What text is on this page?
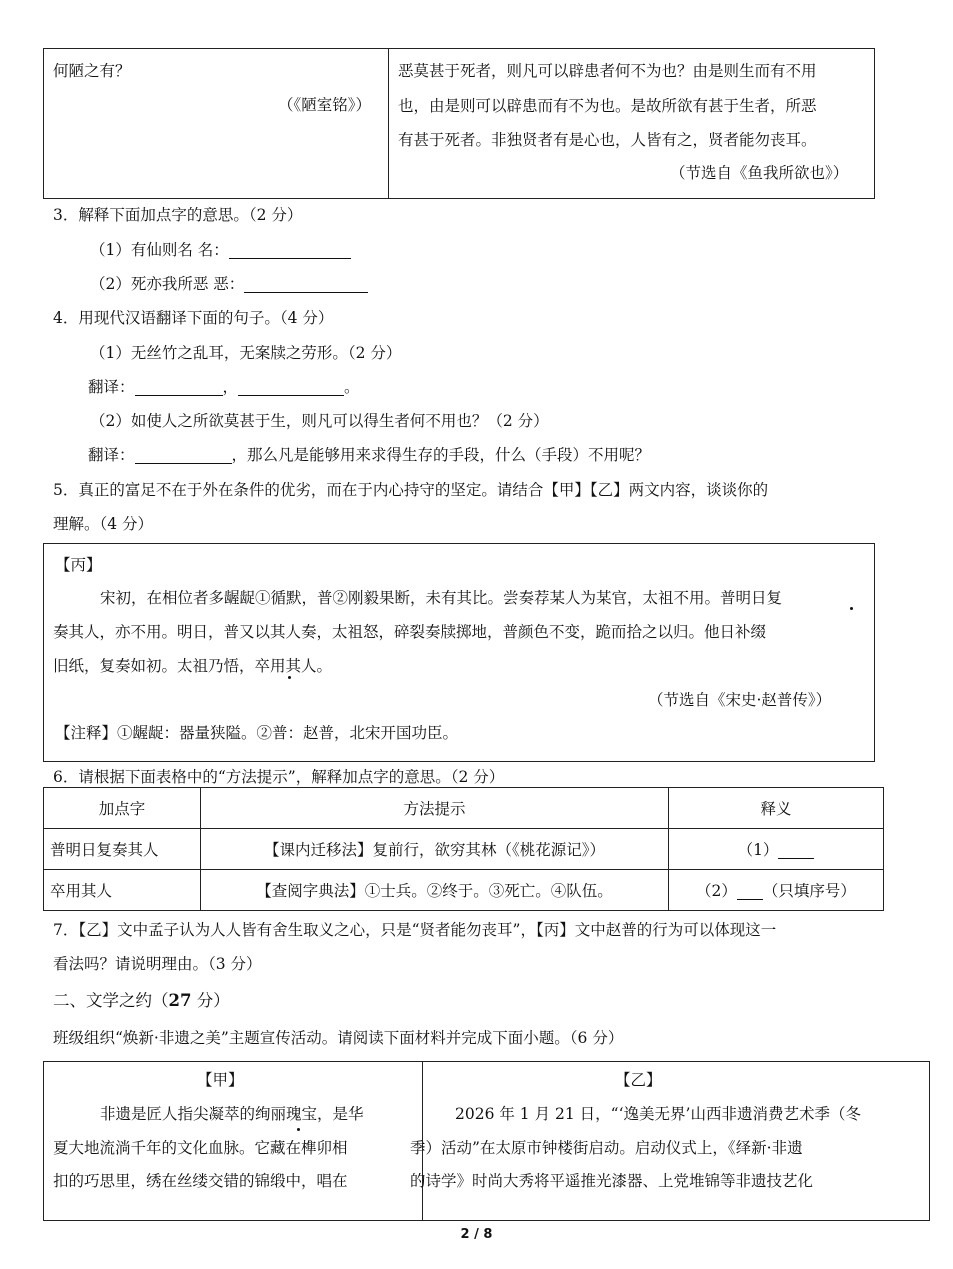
何陋之有？
（《陋室铭》）
恶莫甚于死者，则凡可以辟患者何不为也？由是则生而有不用
也，由是则可以辟患而有不为也。是故所欲有甚于生者，所恶
有甚于死者。非独贤者有是心也，人皆有之，贤者能勿丧耳。
（节选自《鱼我所欲也》）
3．解释下面加点字的意思。（2 分）
（1）有仙则名 名：
（2）死亦我所恶 恶：
4．用现代汉语翻译下面的句子。（4 分）
（1）无丝竹之乱耳，无案牍之劳形。（2 分）
翻译：	，	。
（2）如使人之所欲莫甚于生，则凡可以得生者何不用也？（2 分）
翻译：	，那么凡是能够用来求得生存的手段，什么（手段）不用呢？
5．真正的富足不在于外在条件的优劣，而在于内心持守的坚定。请结合【甲】【乙】两文内容，谈谈你的
理解。（4 分）
【丙】
宋初，在相位者多龌龊①循默，普②刚毅果断，未有其比。尝奏荐某人为某官，太祖不用。普明日复
奏其人，亦不用。明日，普又以其人奏，太祖怒，碎裂奏牍掷地，普颜色不变，跪而拾之以归。他日补缀
旧纸，复奏如初。太祖乃悟，卒用其人。
（节选自《宋史·赵普传》）
【注释】①龌龊：器量狭隘。②普：赵普，北宋开国功臣。
6．请根据下面表格中的“方法提示”，解释加点字的意思。（2 分）
加点字	方法提示	释义
普明日复奏其人	【课内迁移法】复前行，欲穷其林（《桃花源记》）	（1）
卒用其人	【查阅字典法】①士兵。②终于。③死亡。④队伍。	（2） （只填序号）
7．【乙】文中孟子认为人人皆有舍生取义之心，只是“贤者能勿丧耳”，【丙】文中赵普的行为可以体现这一
看法吗？请说明理由。（3 分）
二、文学之约（27 分）
班级组织“焕新·非遗之美”主题宣传活动。请阅读下面材料并完成下面小题。（6 分）
【甲】
非遗是匠人指尖凝萃的绚丽瑰宝，是华
夏大地流淌千年的文化血脉。它藏在榫卯相
扣的巧思里，绣在丝缕交错的锦缎中，唱在
【乙】
2026 年 1 月 21 日，“‘逸美无界’山西非遗消费艺术季（冬
季）活动”在太原市钟楼街启动。启动仪式上，《绎新·非遗
的诗学》时尚大秀将平遥推光漆器、上党堆锦等非遗技艺化
2 / 8
